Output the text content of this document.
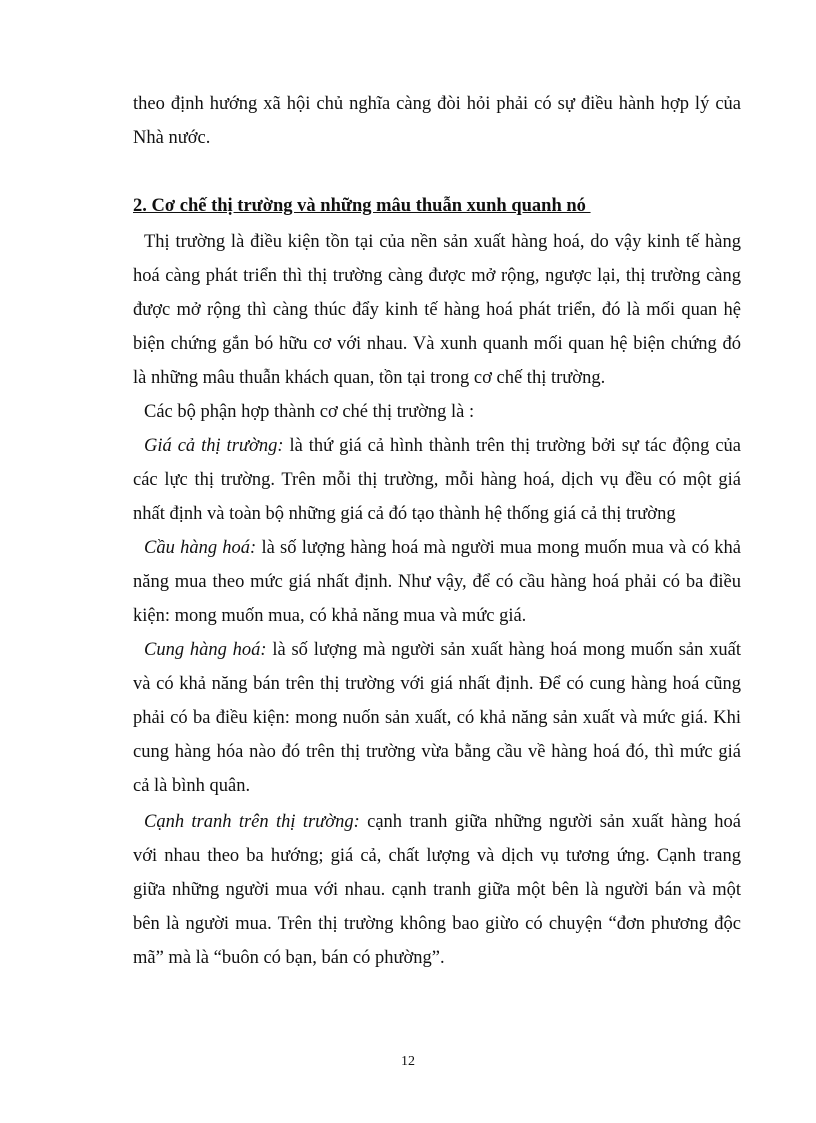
theo định hướng xã hội chủ nghĩa càng đòi hỏi phải có sự điều hành hợp lý của
Nhà nước.
2. Cơ chế thị trường và những mâu thuẫn xunh quanh nó
Thị trường là điều kiện tồn tại của nền sản xuất hàng hoá, do vậy kinh tế hàng
hoá càng phát triển thì thị trường càng được mở rộng, ngược lại, thị trường càng
được mở rộng thì càng thúc đẩy kinh tế hàng hoá phát triển, đó là mối quan hệ
biện chứng gắn bó hữu cơ với nhau. Và xunh quanh mối quan hệ biện chứng đó
là những mâu thuẫn khách quan, tồn tại trong cơ chế thị trường.
Các bộ phận hợp thành cơ ché thị trường là :
Giá cả thị trường: là thứ giá cả hình thành trên thị trường bởi sự tác động của
các lực thị trường. Trên mỗi thị trường, mỗi hàng hoá, dịch vụ đều có một giá
nhất định và toàn bộ những giá cả đó tạo thành hệ thống giá cả thị trường
Cầu hàng hoá: là số lượng hàng hoá mà người mua mong muốn mua và có khả
năng mua theo mức giá nhất định. Như vậy, để có cầu hàng hoá phải có ba điều
kiện: mong muốn mua, có khả năng mua và mức giá.
Cung hàng hoá: là số lượng mà người sản xuất hàng hoá mong muốn sản xuất
và có khả năng bán trên thị trường với giá nhất định. Để có cung hàng hoá cũng
phải có ba điều kiện: mong nuốn sản xuất, có khả năng sản xuất và mức giá. Khi
cung hàng hóa nào đó trên thị trường vừa bằng cầu về hàng hoá đó, thì mức giá
cả là bình quân.
Cạnh tranh trên thị trường: cạnh tranh giữa những người sản xuất hàng hoá
với nhau theo ba hướng; giá cả, chất lượng và dịch vụ tương ứng. Cạnh trang
giữa những người mua với nhau. cạnh tranh giữa một bên là người bán và một
bên là người mua. Trên thị trường không bao giừo có chuyện “đơn phương độc
mã” mà là “buôn có bạn, bán có phường”.
12
